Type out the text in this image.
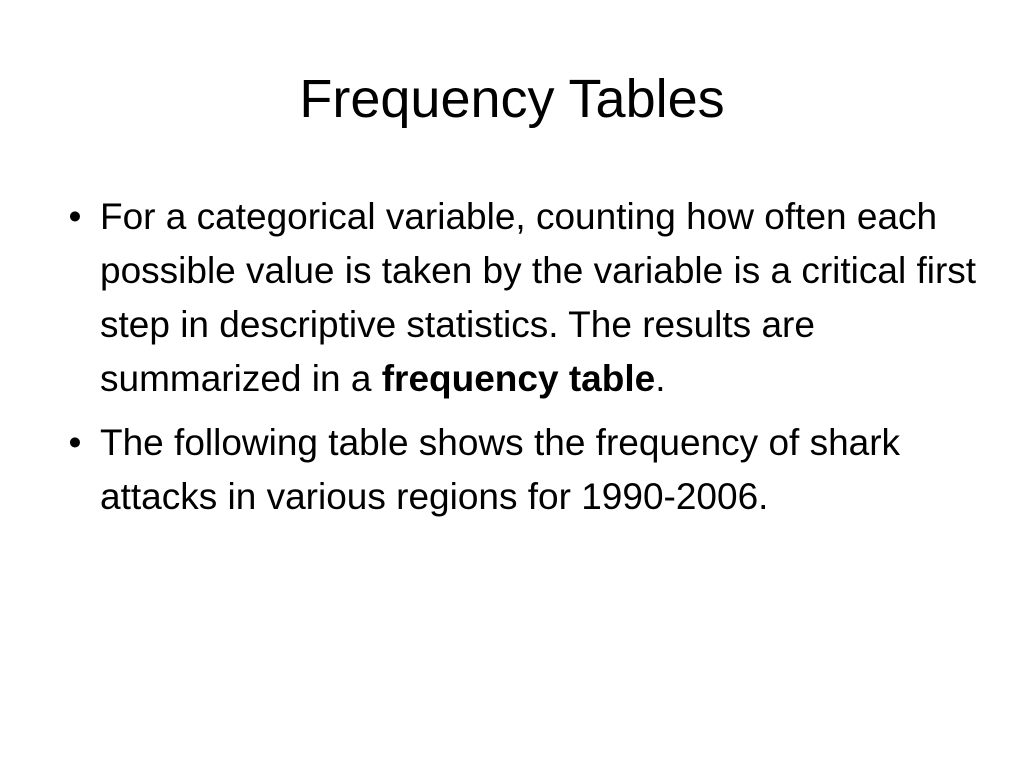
Frequency Tables
• For a categorical variable, counting how often each possible value is taken by the variable is a critical first step in descriptive statistics. The results are summarized in a frequency table.
• The following table shows the frequency of shark attacks in various regions for 1990-2006.
